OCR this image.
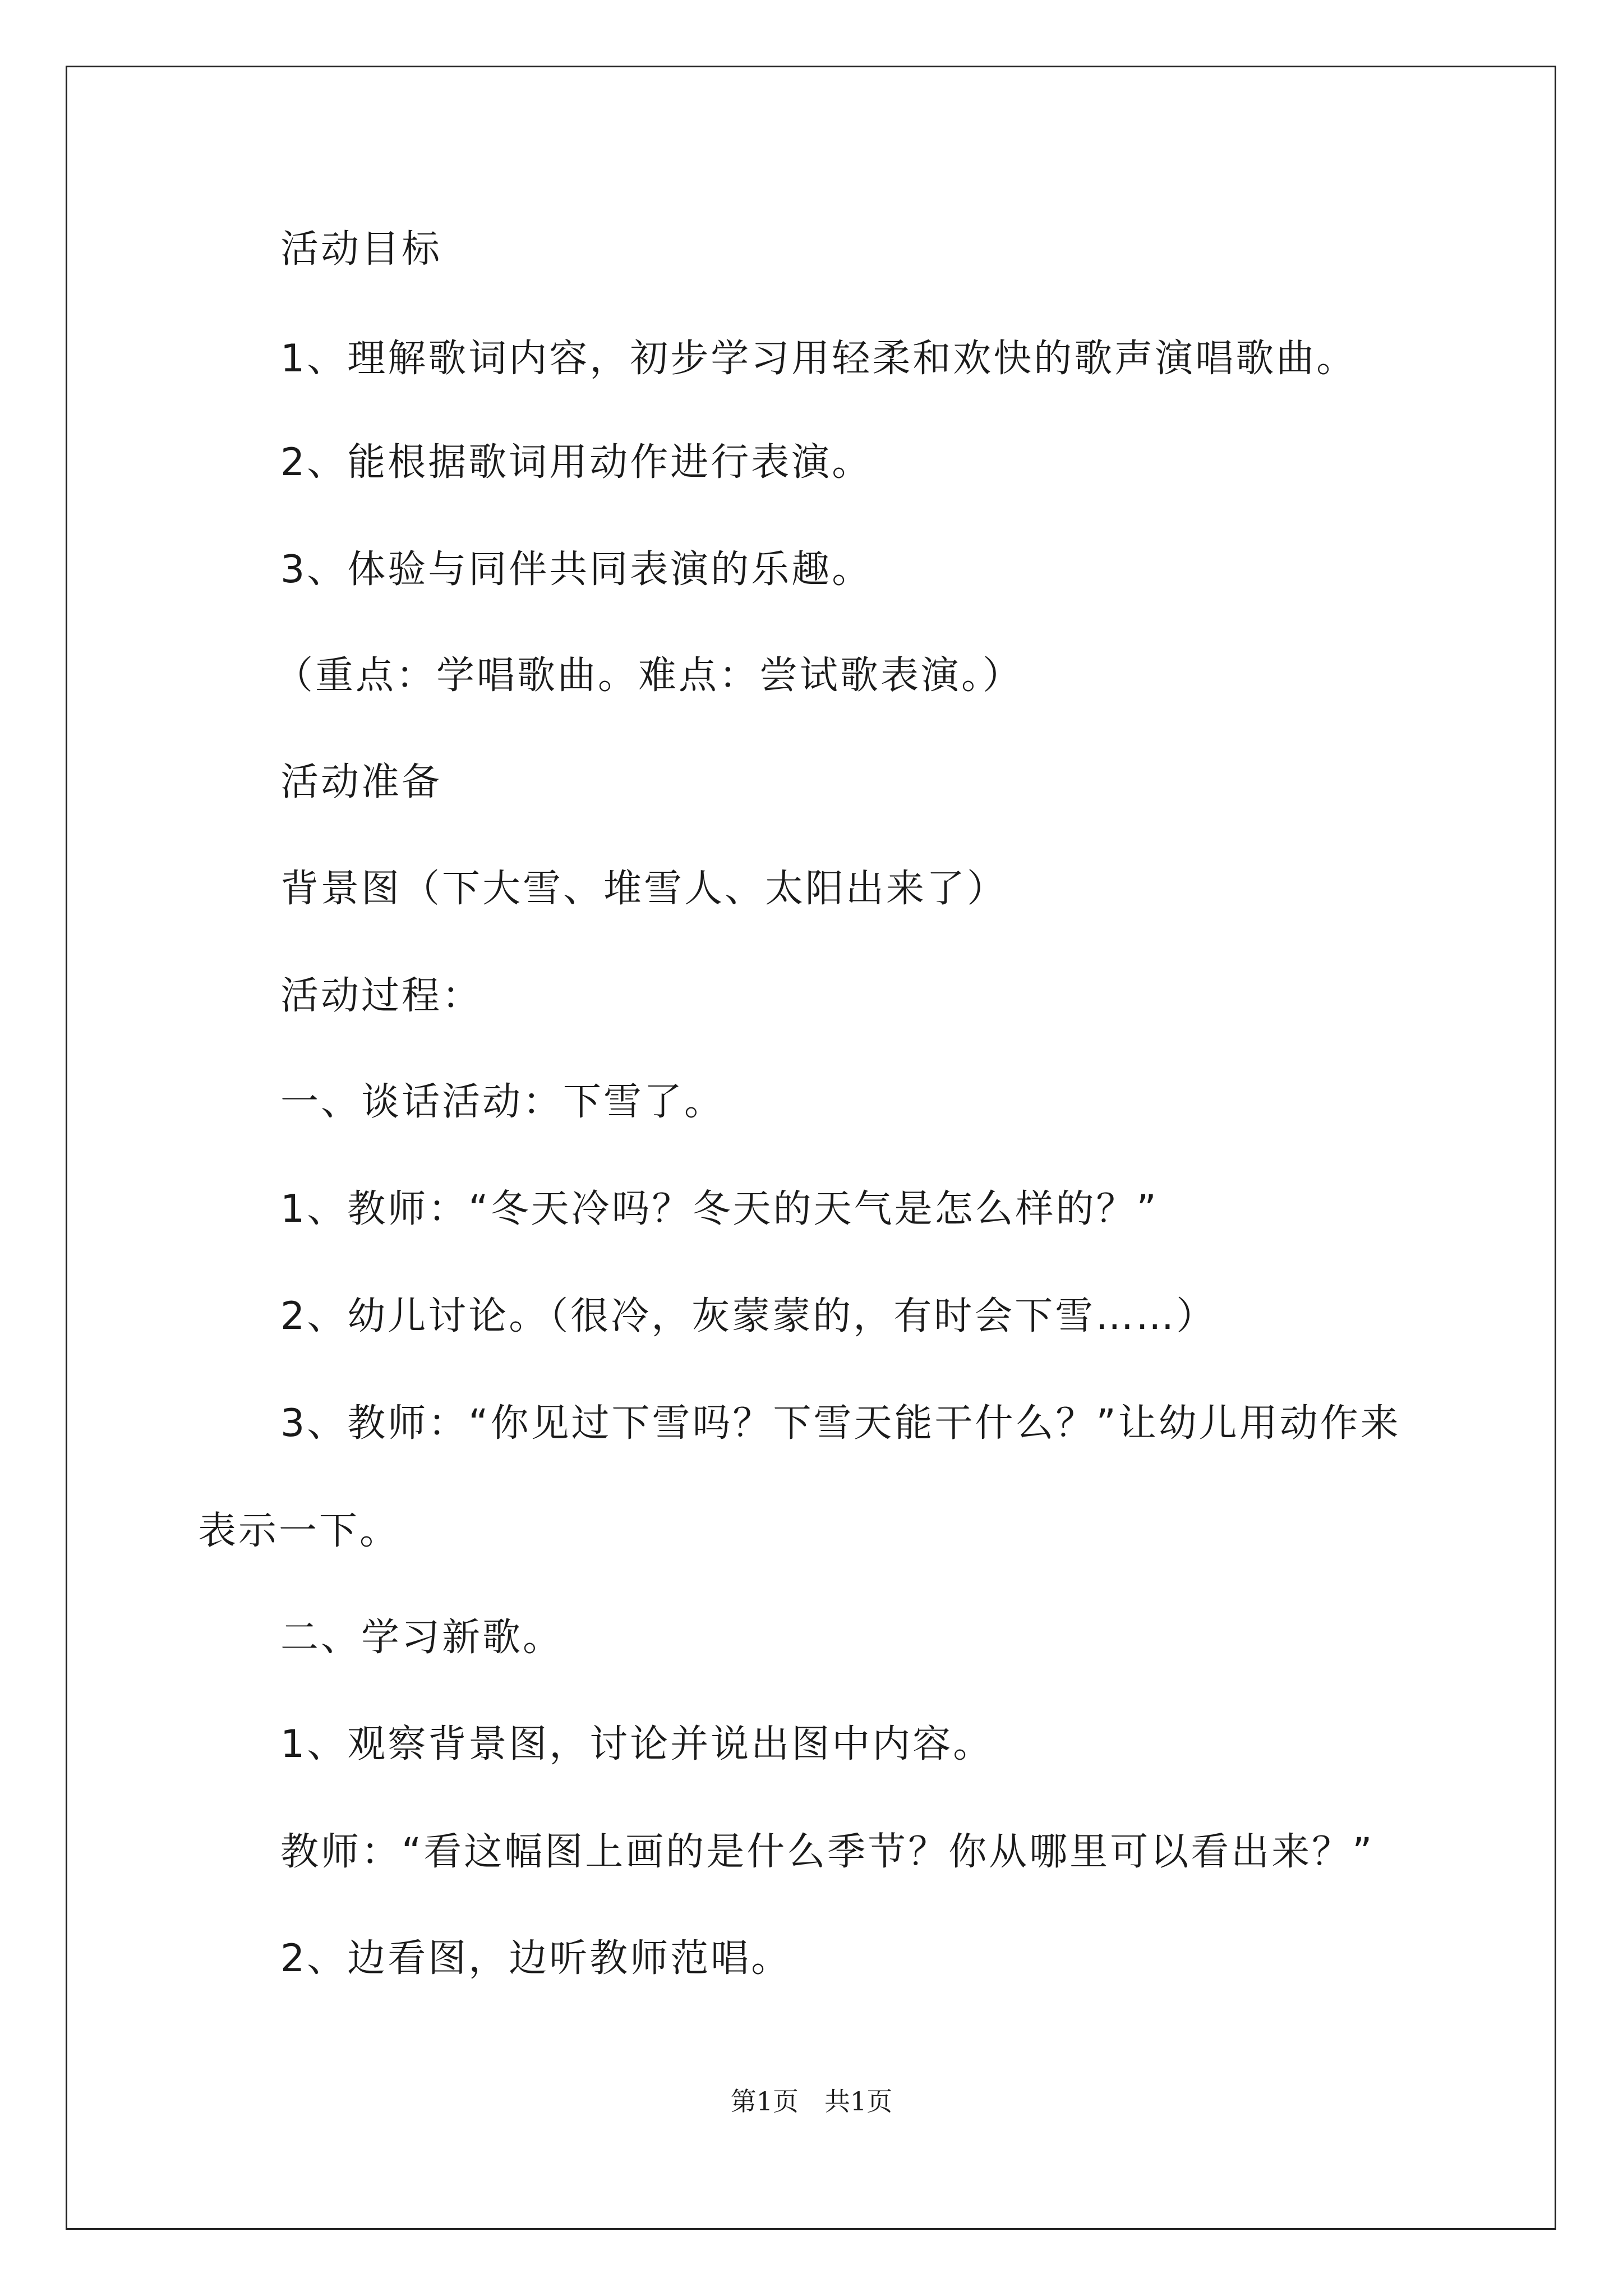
活动目标
1、理解歌词内容，初步学习用轻柔和欢快的歌声演唱歌曲。
2、能根据歌词用动作进行表演。
3、体验与同伴共同表演的乐趣。
（重点：学唱歌曲。难点：尝试歌表演。）
活动准备
背景图（下大雪、堆雪人、太阳出来了）
活动过程：
一、谈话活动：下雪了。
1、教师：“冬天冷吗？冬天的天气是怎么样的？”
2、幼儿讨论。（很冷，灰蒙蒙的，有时会下雪……）
3、教师：“你见过下雪吗？下雪天能干什么？”让幼儿用动作来
表示一下。
二、学习新歌。
1、观察背景图，讨论并说出图中内容。
教师：“看这幅图上画的是什么季节？你从哪里可以看出来？”
2、边看图，边听教师范唱。
第1页　共1页
